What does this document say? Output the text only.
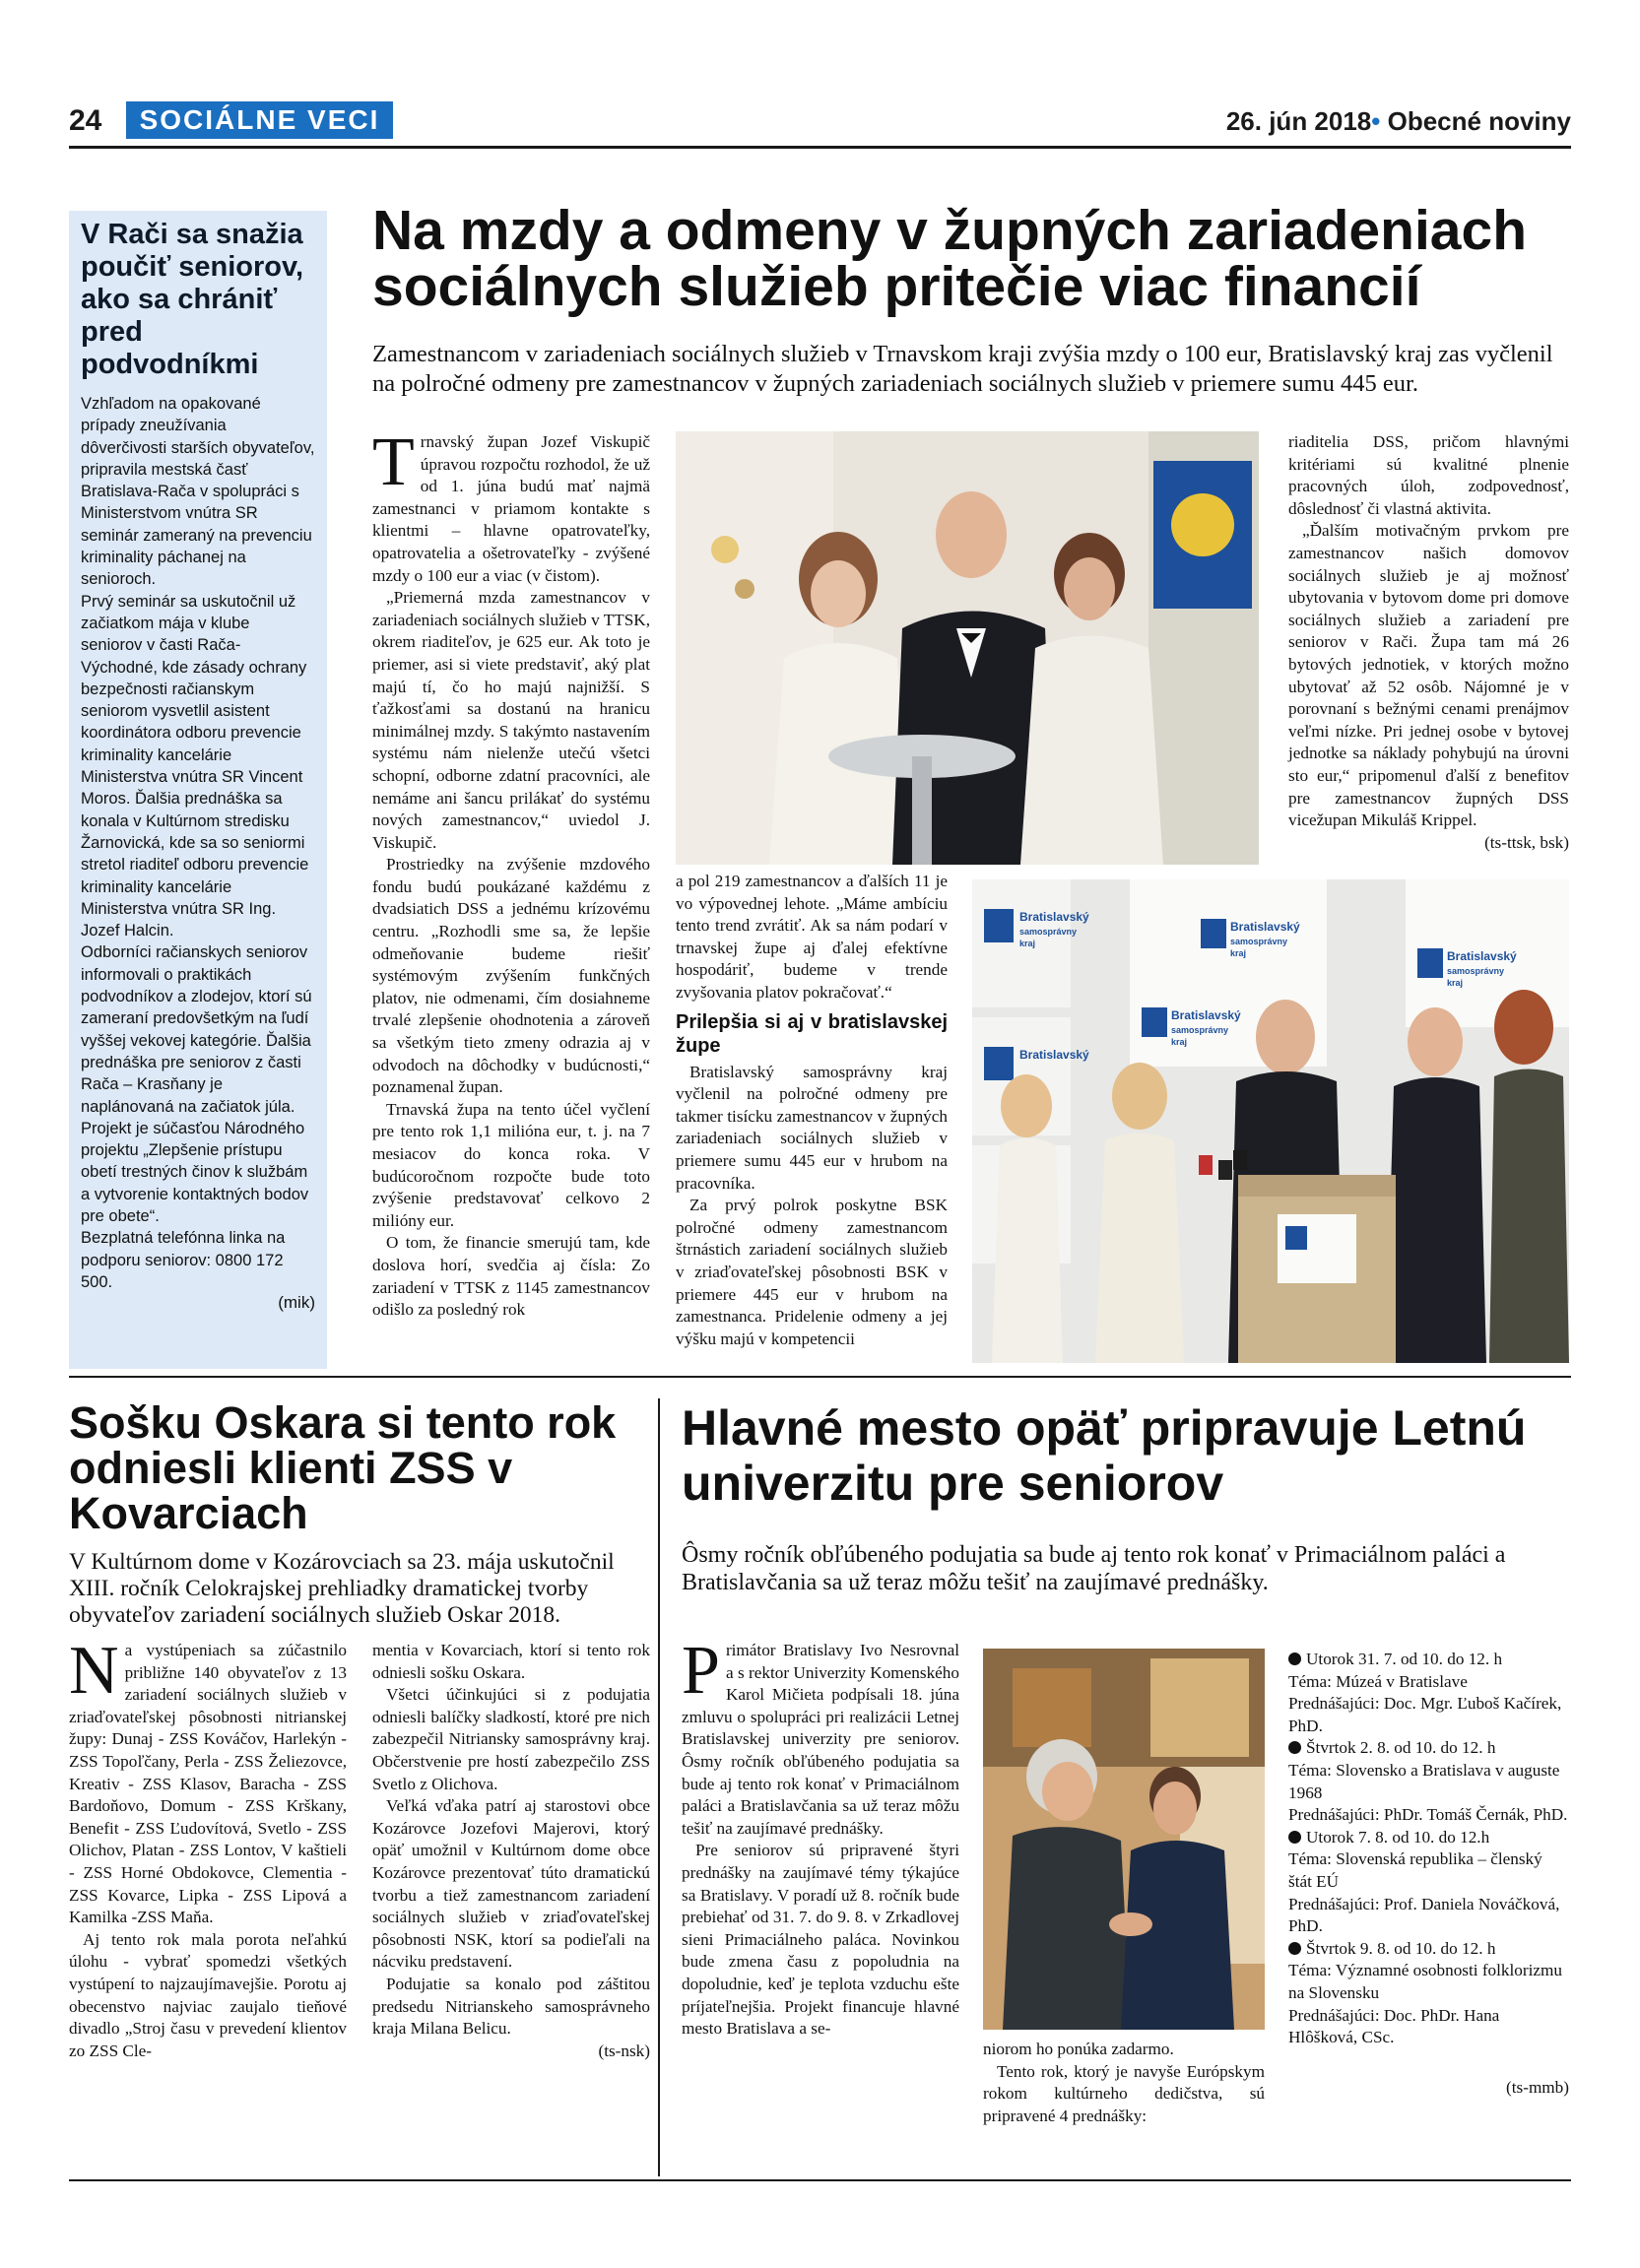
24	SOCIÁLNE VECI	26. jún 2018• Obecné noviny
V Rači sa snažia poučiť seniorov, ako sa chrániť pred podvodníkmi

Vzhľadom na opakované prípady zneužívania dôverčivosti starších obyvateľov, pripravila mestská časť Bratislava-Rača v spolupráci s Ministerstvom vnútra SR seminár zameraný na prevenciu kriminality páchanej na senioroch.

Prvý seminár sa uskutočnil už začiatkom mája v klube seniorov v časti Rača-Východné, kde zásady ochrany bezpečnosti račianskym seniorom vysvetlil asistent koordinátora odboru prevencie kriminality kancelárie Ministerstva vnútra SR Vincent Moros. Ďalšia prednáška sa konala v Kultúrnom stredisku Žarnovická, kde sa so seniormi stretol riaditeľ odboru prevencie kriminality kancelárie Ministerstva vnútra SR Ing. Jozef Halcin.

Odborníci račianskych seniorov informovali o praktikách podvodníkov a zlodejov, ktorí sú zameraní predovšetkým na ľudí vyššej vekovej kategórie. Ďalšia prednáška pre seniorov z časti Rača – Krasňany je naplánovaná na začiatok júla.

Projekt je súčasťou Národného projektu „Zlepšenie prístupu obetí trestných činov k službám a vytvorenie kontaktných bodov pre obete“.

Bezplatná telefónna linka na podporu seniorov: 0800 172 500.

(mik)
Na mzdy a odmeny v župných zariadeniach sociálnych služieb pritečie viac financií
Zamestnancom v zariadeniach sociálnych služieb v Trnavskom kraji zvýšia mzdy o 100 eur, Bratislavský kraj zas vyčlenil na polročné odmeny pre zamestnancov v župných zariadeniach sociálnych služieb v priemere sumu 445 eur.

Trnavský župan Jozef Viskupič úpravou rozpočtu rozhodol, že už od 1. júna budú mať najmä zamestnanci v priamom kontakte s klientmi – hlavne opatrovateľky, opatrovatelia a ošetrovateľky - zvýšené mzdy o 100 eur a viac (v čistom).

„Priemerná mzda zamestnancov v zariadeniach sociálnych služieb v TTSK, okrem riaditeľov, je 625 eur. Ak toto je priemer, asi si viete predstaviť, aký plat majú tí, čo ho majú najnižší. S ťažkosťami sa dostanú na hranicu minimálnej mzdy. S takýmto nastavením systému nám nielenže utečú všetci schopní, odborne zdatní pracovníci, ale nemáme ani šancu prilákať do systému nových zamestnancov,“ uviedol J. Viskupič.

Prostriedky na zvýšenie mzdového fondu budú poukázané každému z dvadsiatich DSS a jednému krízovému centru. „Rozhodli sme sa, že lepšie odmeňovanie budeme riešiť systémovým zvýšením funkčných platov, nie odmenami, čím dosiahneme trvalé zlepšenie ohodnotenia a zároveň sa všetkým tieto zmeny odrazia aj v odvodoch na dôchodky v budúcnosti,“ poznamenal župan.

Trnavská župa na tento účel vyčlení pre tento rok 1,1 milióna eur, t. j. na 7 mesiacov do konca roka. V budúcoročnom rozpočte bude toto zvýšenie predstavovať celkovo 2 milióny eur.

O tom, že financie smerujú tam, kde doslova horí, svedčia aj čísla: Zo zariadení v TTSK z 1145 zamestnancov odišlo za posledný rok

a pol 219 zamestnancov a ďalších 11 je vo výpovednej lehote. „Máme ambíciu tento trend zvrátiť. Ak sa nám podarí v trnavskej župe aj ďalej efektívne hospodáriť, budeme v trende zvyšovania platov pokračovať.“

Prilepšia si aj v bratislavskej župe

Bratislavský samosprávny kraj vyčlenil na polročné odmeny pre takmer tisícku zamestnancov v župných zariadeniach sociálnych služieb v priemere sumu 445 eur v hrubom na pracovníka.

Za prvý polrok poskytne BSK polročné odmeny zamestnancom štrnástich zariadení sociálnych služieb v zriaďovateľskej pôsobnosti BSK v priemere 445 eur v hrubom na zamestnanca. Pridelenie odmeny a jej výšku majú v kompetencii

Bratislavský
samosprávny
kraj
Bratislavský
samosprávny
kraj	Bratislavský
samosprávny
kraj
Bratislavský
samosprávny
kraj
Bratislavský

riaditelia DSS, pričom hlavnými kritériami sú kvalitné plnenie pracovných úloh, zodpovednosť, dôslednosť či vlastná aktivita.

„Ďalším motivačným prvkom pre zamestnancov našich domovov sociálnych služieb je aj možnosť ubytovania v bytovom dome pri domove sociálnych služieb a zariadení pre seniorov v Rači. Župa tam má 26 bytových jednotiek, v ktorých možno ubytovať až 52 osôb. Nájomné je v porovnaní s bežnými cenami prenájmov veľmi nízke. Pri jednej osobe v bytovej jednotke sa náklady pohybujú na úrovni sto eur,“ pripomenul ďalší z benefitov pre zamestnancov župných DSS vicežupan Mikuláš Krippel.

(ts-ttsk, bsk)
Sošku Oskara si tento rok odniesli klienti ZSS v Kovarciach
V Kultúrnom dome v Kozárovciach sa 23. mája uskutočnil XIII. ročník Celokrajskej prehliadky dramatickej tvorby obyvateľov zariadení sociálnych služieb Oskar 2018.

Na vystúpeniach sa zúčastnilo približne 140 obyvateľov z 13 zariadení sociálnych služieb v zriaďovateľskej pôsobnosti nitrianskej župy: Dunaj - ZSS Kováčov, Harlekýn - ZSS Topoľčany, Perla - ZSS Želiezovce, Kreativ - ZSS Klasov, Baracha - ZSS Bardoňovo, Domum - ZSS Krškany, Benefit - ZSS Ľudovítová, Svetlo - ZSS Olichov, Platan - ZSS Lontov, V kaštieli - ZSS Horné Obdokovce, Clementia - ZSS Kovarce, Lipka - ZSS Lipová a Kamilka -ZSS Maňa.

Aj tento rok mala porota neľahkú úlohu - vybrať spomedzi všetkých vystúpení to najzaujímavejšie. Porotu aj obecenstvo najviac zaujalo tieňové divadlo „Stroj času v prevedení klientov zo ZSS Cle-

mentia v Kovarciach, ktorí si tento rok odniesli sošku Oskara.

Všetci účinkujúci si z podujatia odniesli balíčky sladkostí, ktoré pre nich zabezpečil Nitriansky samosprávny kraj. Občerstvenie pre hostí zabezpečilo ZSS Svetlo z Olichova.

Veľká vďaka patrí aj starostovi obce Kozárovce Jozefovi Majerovi, ktorý opäť umožnil v Kultúrnom dome obce Kozárovce prezentovať túto dramatickú tvorbu a tiež zamestnancom zariadení sociálnych služieb v zriaďovateľskej pôsobnosti NSK, ktorí sa podieľali na nácviku predstavení.

Podujatie sa konalo pod záštitou predsedu Nitrianskeho samosprávneho kraja Milana Belicu.

(ts-nsk)
Hlavné mesto opäť pripravuje Letnú univerzitu pre seniorov
Ôsmy ročník obľúbeného podujatia sa bude aj tento rok konať v Primaciálnom paláci a Bratislavčania sa už teraz môžu tešiť na zaujímavé prednášky.

Primátor Bratislavy Ivo Nesrovnal a s rektor Univerzity Komenského Karol Mičieta podpísali 18. júna zmluvu o spolupráci pri realizácii Letnej Bratislavskej univerzity pre seniorov. Ôsmy ročník obľúbeného podujatia sa bude aj tento rok konať v Primaciálnom paláci a Bratislavčania sa už teraz môžu tešiť na zaujímavé prednášky.

Pre seniorov sú pripravené štyri prednášky na zaujímavé témy týkajúce sa Bratislavy. V poradí už 8. ročník bude prebiehať od 31. 7. do 9. 8. v Zrkadlovej sieni Primaciálneho paláca. Novinkou bude zmena času z popoludnia na dopoludnie, keď je teplota vzduchu ešte príjateľnejšia. Projekt financuje hlavné mesto Bratislava a se-

niorom ho ponúka zadarmo.

Tento rok, ktorý je navyše Európskym rokom kultúrneho dedičstva, sú pripravené 4 prednášky:

Utorok 31. 7. od 10. do 12. h

Téma: Múzeá v Bratislave

Prednášajúci: Doc. Mgr. Ľuboš Kačírek, PhD.

Štvrtok 2. 8. od 10. do 12. h

Téma: Slovensko a Bratislava v auguste 1968

Prednášajúci: PhDr. Tomáš Černák, PhD.

Utorok 7. 8. od 10. do 12.h

Téma: Slovenská republika – členský štát EÚ

Prednášajúci: Prof. Daniela Nováčková, PhD.

Štvrtok 9. 8. od 10. do 12. h

Téma: Významné osobnosti folklorizmu na Slovensku

Prednášajúci: Doc. PhDr. Hana Hlôšková, CSc.

(ts-mmb)
